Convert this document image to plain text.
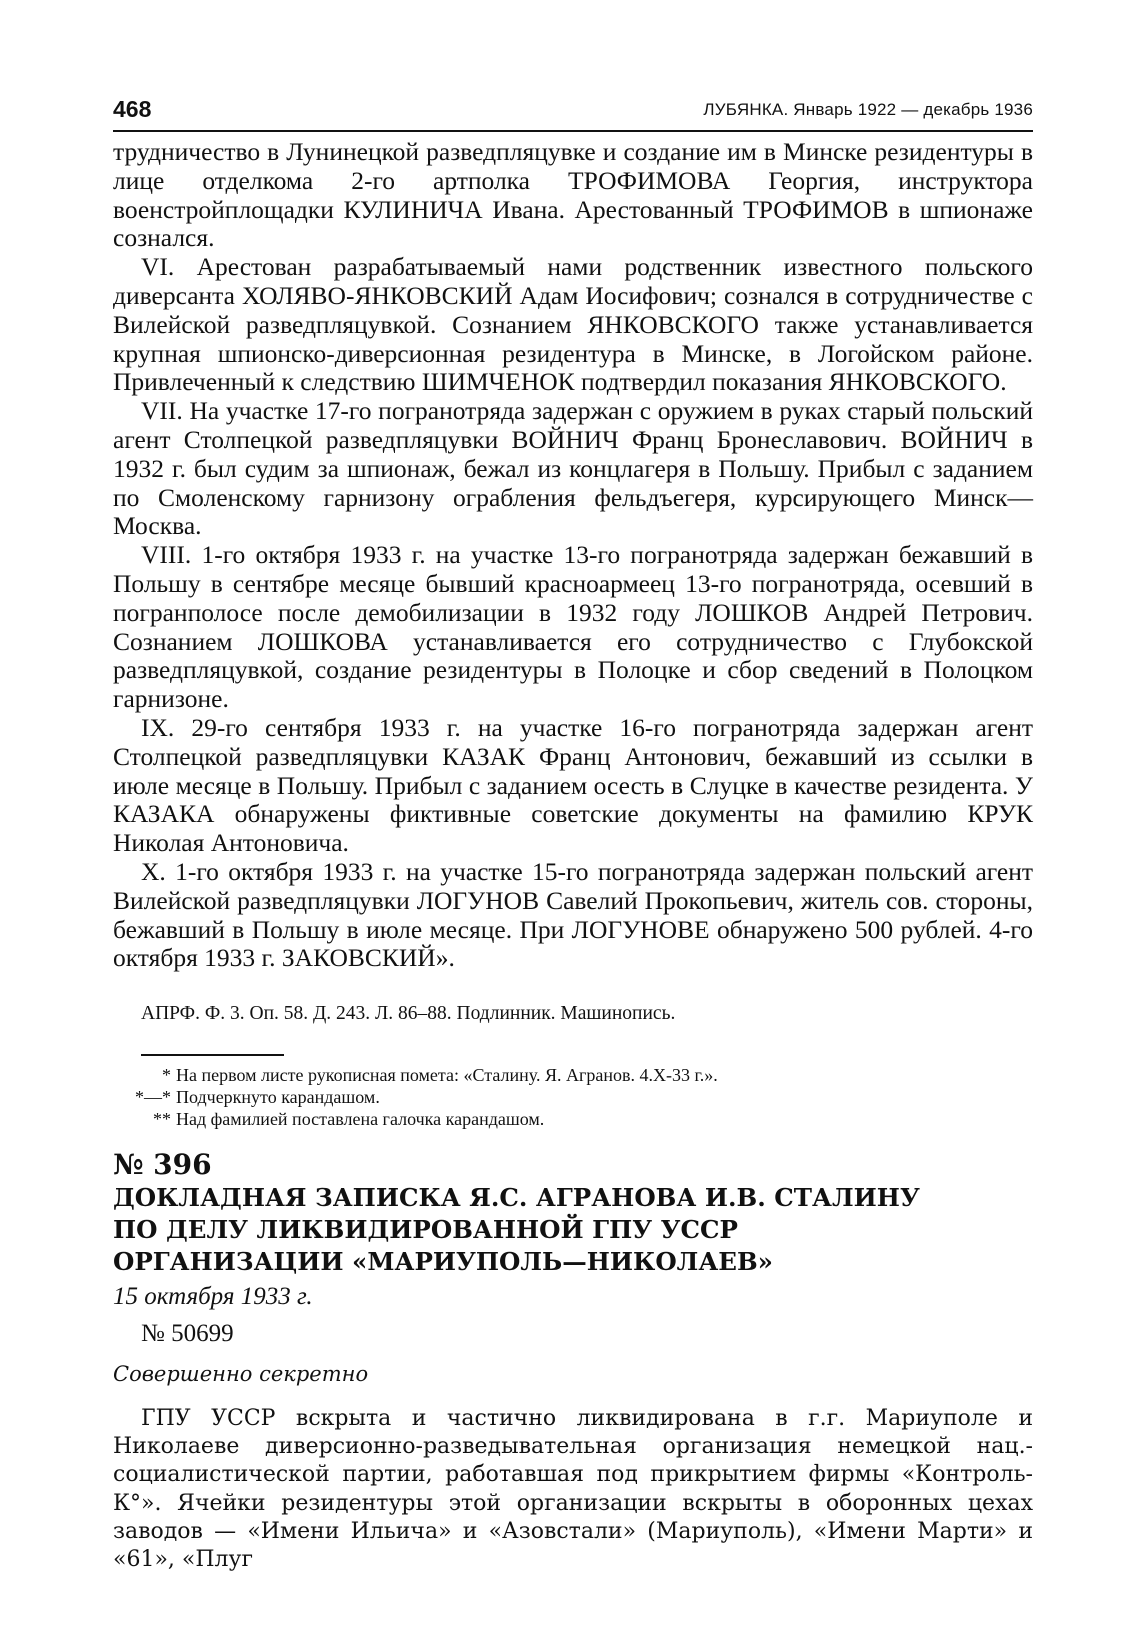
468	ЛУБЯНКА. Январь 1922 — декабрь 1936

трудничество в Лунинецкой разведпляцувке и создание им в Минске резидентуры в лице отделкома 2-го артполка ТРОФИМОВА Георгия, инструктора военстройплощадки КУЛИНИЧА Ивана. Арестованный ТРОФИМОВ в шпионаже сознался.

VI. Арестован разрабатываемый нами родственник известного польского диверсанта ХОЛЯВО-ЯНКОВСКИЙ Адам Иосифович; сознался в сотрудничестве с Вилейской разведпляцувкой. Сознанием ЯНКОВСКОГО также устанавливается крупная шпионско-диверсионная резидентура в Минске, в Логойском районе. Привлеченный к следствию ШИМЧЕНОК подтвердил показания ЯНКОВСКОГО.

VII. На участке 17-го погранотряда задержан с оружием в руках старый польский агент Столпецкой разведпляцувки ВОЙНИЧ Франц Бронеславович. ВОЙНИЧ в 1932 г. был судим за шпионаж, бежал из концлагеря в Польшу. Прибыл с заданием по Смоленскому гарнизону ограбления фельдъегеря, курсирующего Минск—Москва.

VIII. 1-го октября 1933 г. на участке 13-го погранотряда задержан бежавший в Польшу в сентябре месяце бывший красноармеец 13-го погранотряда, осевший в погранполосе после демобилизации в 1932 году ЛОШКОВ Андрей Петрович. Сознанием ЛОШКОВА устанавливается его сотрудничество с Глубокской разведпляцувкой, создание резидентуры в Полоцке и сбор сведений в Полоцком гарнизоне.

IX. 29-го сентября 1933 г. на участке 16-го погранотряда задержан агент Столпецкой разведпляцувки КАЗАК Франц Антонович, бежавший из ссылки в июле месяце в Польшу. Прибыл с заданием осесть в Слуцке в качестве резидента. У КАЗАКА обнаружены фиктивные советские документы на фамилию КРУК Николая Антоновича.

X. 1-го октября 1933 г. на участке 15-го погранотряда задержан польский агент Вилейской разведпляцувки ЛОГУНОВ Савелий Прокопьевич, житель сов. стороны, бежавший в Польшу в июле месяце. При ЛОГУНОВЕ обнаружено 500 рублей. 4-го октября 1933 г. ЗАКОВСКИЙ».

АПРФ. Ф. 3. Оп. 58. Д. 243. Л. 86–88. Подлинник. Машинопись.
* На первом листе рукописная помета: «Сталину. Я. Агранов. 4.X-33 г.».
*—* Подчеркнуто карандашом.
** Над фамилией поставлена галочка карандашом.
№ 396
ДОКЛАДНАЯ ЗАПИСКА Я.С. АГРАНОВА И.В. СТАЛИНУ
ПО ДЕЛУ ЛИКВИДИРОВАННОЙ ГПУ УССР
ОРГАНИЗАЦИИ «МАРИУПОЛЬ—НИКОЛАЕВ»
15 октября 1933 г.
№ 50699
Совершенно секретно

ГПУ УССР вскрыта и частично ликвидирована в г.г. Мариуполе и Николаеве диверсионно-разведывательная организация немецкой нац.-социалистической партии, работавшая под прикрытием фирмы «Контроль-К°». Ячейки резидентуры этой организации вскрыты в оборонных цехах заводов — «Имени Ильича» и «Азовстали» (Мариуполь), «Имени Марти» и «61», «Плуг
